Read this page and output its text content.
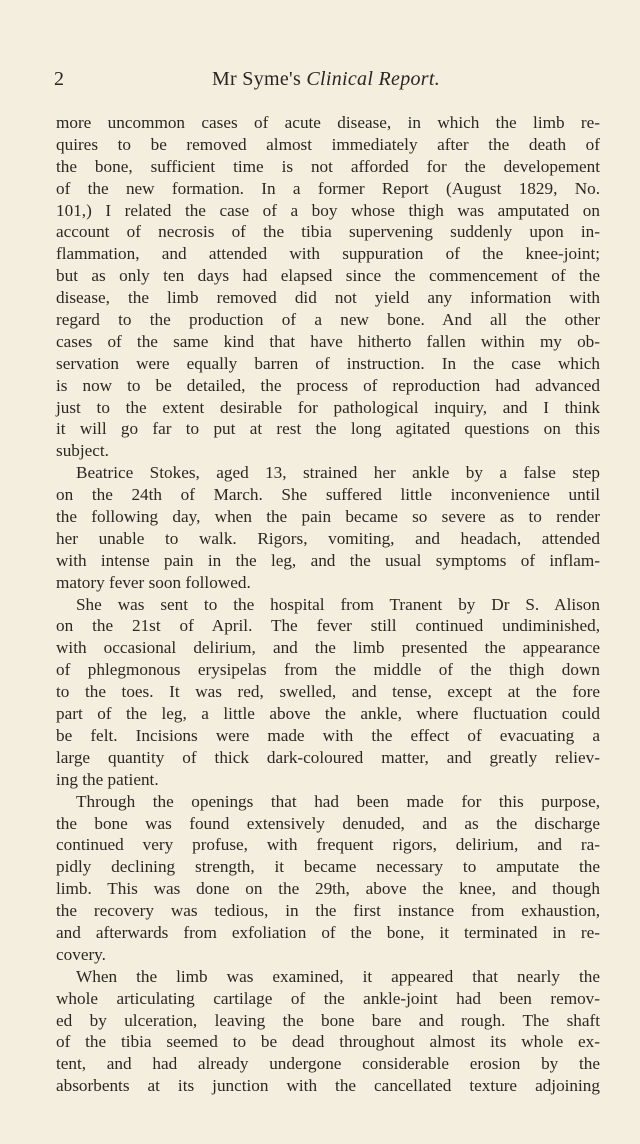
2	Mr Syme's Clinical Report.
more uncommon cases of acute disease, in which the limb re-
quires to be removed almost immediately after the death of
the bone, sufficient time is not afforded for the developement
of the new formation. In a former Report (August 1829, No.
101,) I related the case of a boy whose thigh was amputated on
account of necrosis of the tibia supervening suddenly upon in-
flammation, and attended with suppuration of the knee-joint;
but as only ten days had elapsed since the commencement of the
disease, the limb removed did not yield any information with
regard to the production of a new bone. And all the other
cases of the same kind that have hitherto fallen within my ob-
servation were equally barren of instruction. In the case which
is now to be detailed, the process of reproduction had advanced
just to the extent desirable for pathological inquiry, and I think
it will go far to put at rest the long agitated questions on this
subject.
Beatrice Stokes, aged 13, strained her ankle by a false step
on the 24th of March. She suffered little inconvenience until
the following day, when the pain became so severe as to render
her unable to walk. Rigors, vomiting, and headach, attended
with intense pain in the leg, and the usual symptoms of inflam-
matory fever soon followed.
She was sent to the hospital from Tranent by Dr S. Alison
on the 21st of April. The fever still continued undiminished,
with occasional delirium, and the limb presented the appearance
of phlegmonous erysipelas from the middle of the thigh down
to the toes. It was red, swelled, and tense, except at the fore
part of the leg, a little above the ankle, where fluctuation could
be felt. Incisions were made with the effect of evacuating a
large quantity of thick dark-coloured matter, and greatly reliev-
ing the patient.
Through the openings that had been made for this purpose,
the bone was found extensively denuded, and as the discharge
continued very profuse, with frequent rigors, delirium, and ra-
pidly declining strength, it became necessary to amputate the
limb. This was done on the 29th, above the knee, and though
the recovery was tedious, in the first instance from exhaustion,
and afterwards from exfoliation of the bone, it terminated in re-
covery.
When the limb was examined, it appeared that nearly the
whole articulating cartilage of the ankle-joint had been remov-
ed by ulceration, leaving the bone bare and rough. The shaft
of the tibia seemed to be dead throughout almost its whole ex-
tent, and had already undergone considerable erosion by the
absorbents at its junction with the cancellated texture adjoining
